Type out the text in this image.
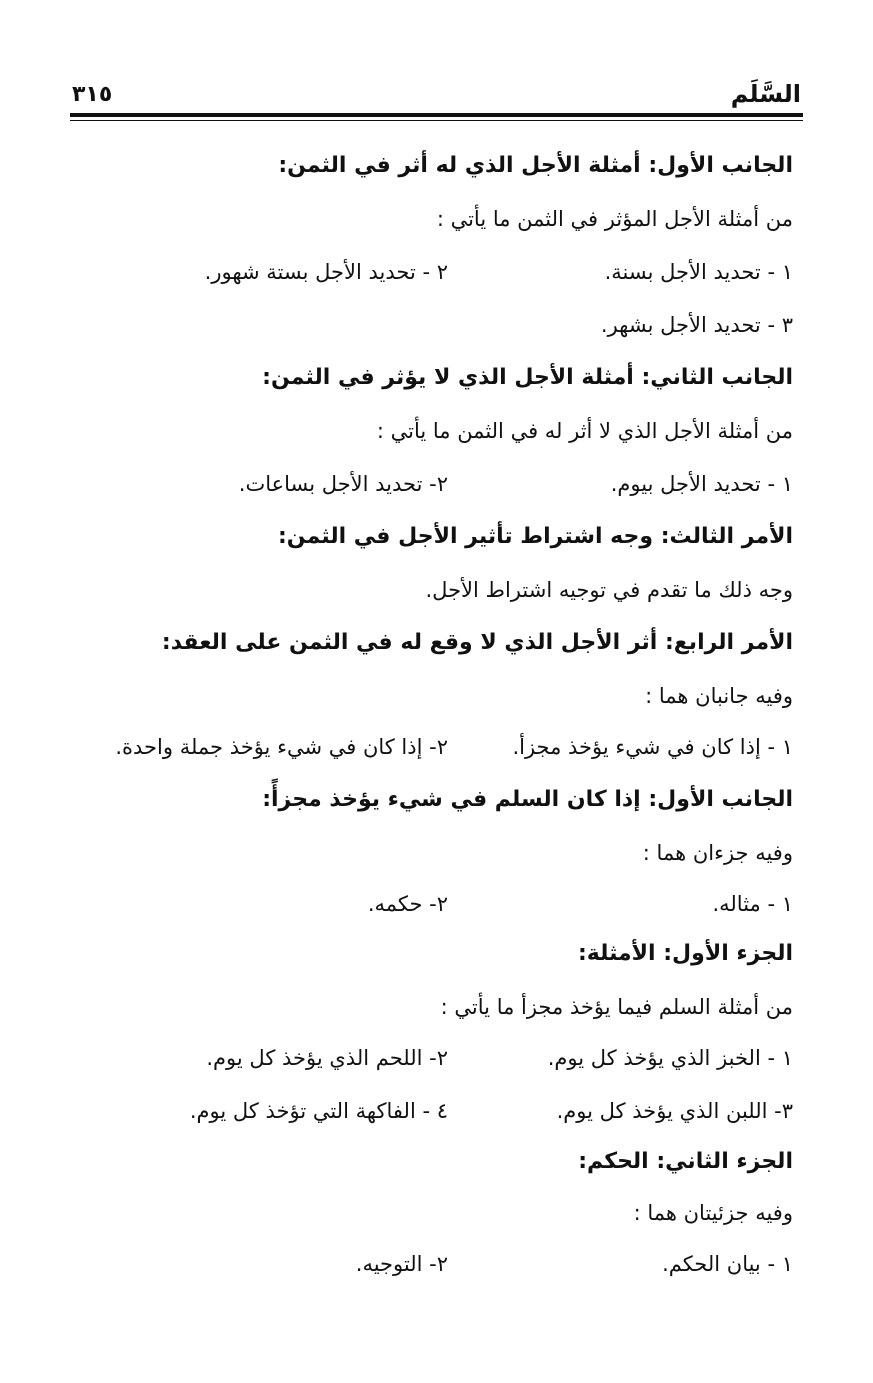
السَّلَم
٣١٥
الجانب الأول: أمثلة الأجل الذي له أثر في الثمن:
من أمثلة الأجل المؤثر في الثمن ما يأتي :
١ - تحديد الأجل بسنة.
٢ - تحديد الأجل بستة شهور.
٣ - تحديد الأجل بشهر.
الجانب الثاني: أمثلة الأجل الذي لا يؤثر في الثمن:
من أمثلة الأجل الذي لا أثر له في الثمن ما يأتي :
١ - تحديد الأجل بيوم.
٢- تحديد الأجل بساعات.
الأمر الثالث: وجه اشتراط تأثير الأجل في الثمن:
وجه ذلك ما تقدم في توجيه اشتراط الأجل.
الأمر الرابع: أثر الأجل الذي لا وقع له في الثمن على العقد:
وفيه جانبان هما :
١ - إذا كان في شيء يؤخذ مجزأ.
٢- إذا كان في شيء يؤخذ جملة واحدة.
الجانب الأول: إذا كان السلم في شيء يؤخذ مجزأً:
وفيه جزءان هما :
١ - مثاله.
٢- حكمه.
الجزء الأول: الأمثلة:
من أمثلة السلم فيما يؤخذ مجزأ ما يأتي :
١ - الخبز الذي يؤخذ كل يوم.
٢- اللحم الذي يؤخذ كل يوم.
٣- اللبن الذي يؤخذ كل يوم.
٤ - الفاكهة التي تؤخذ كل يوم.
الجزء الثاني: الحكم:
وفيه جزئيتان هما :
١ - بيان الحكم.
٢- التوجيه.
